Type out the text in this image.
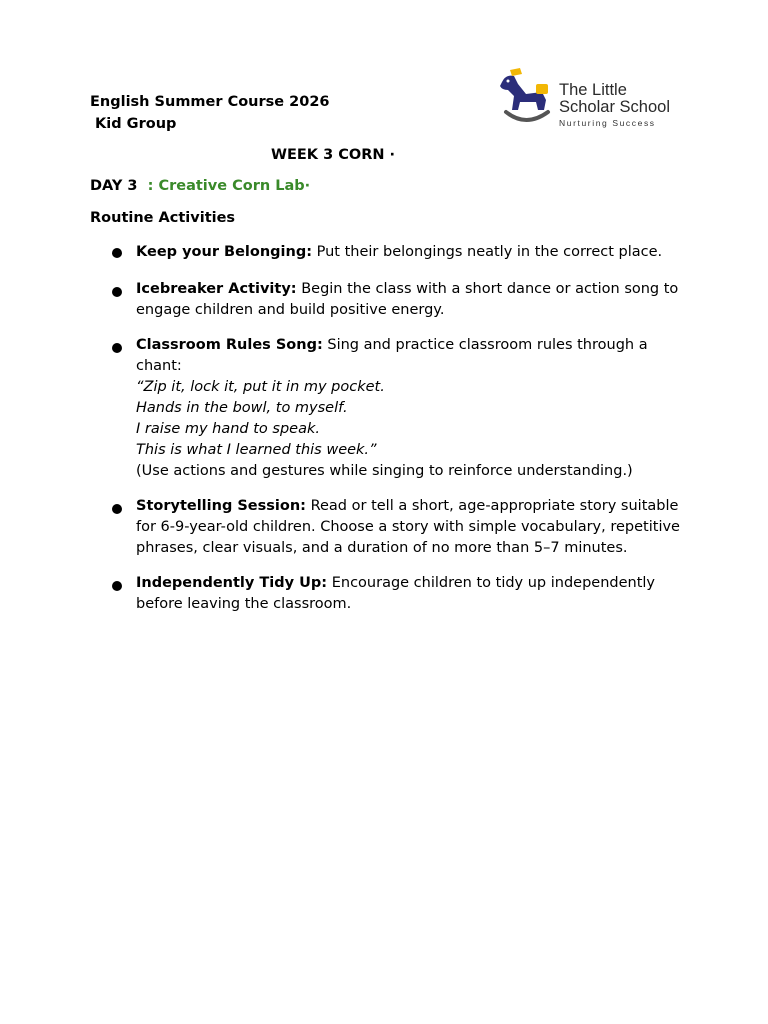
English Summer Course 2026
Kid Group
WEEK 3 CORN ·
DAY 3  : Creative Corn Lab·
Routine Activities
The Little
Scholar School
Nurturing Success
Keep your Belonging: Put their belongings neatly in the correct place.
Icebreaker Activity: Begin the class with a short dance or action song to engage children and build positive energy.
Classroom Rules Song: Sing and practice classroom rules through a chant:
“Zip it, lock it, put it in my pocket.
Hands in the bowl, to myself.
I raise my hand to speak.
This is what I learned this week.”
(Use actions and gestures while singing to reinforce understanding.)
Storytelling Session: Read or tell a short, age-appropriate story suitable for 6-9-year-old children. Choose a story with simple vocabulary, repetitive phrases, clear visuals, and a duration of no more than 5–7 minutes.
Independently Tidy Up: Encourage children to tidy up independently before leaving the classroom.
